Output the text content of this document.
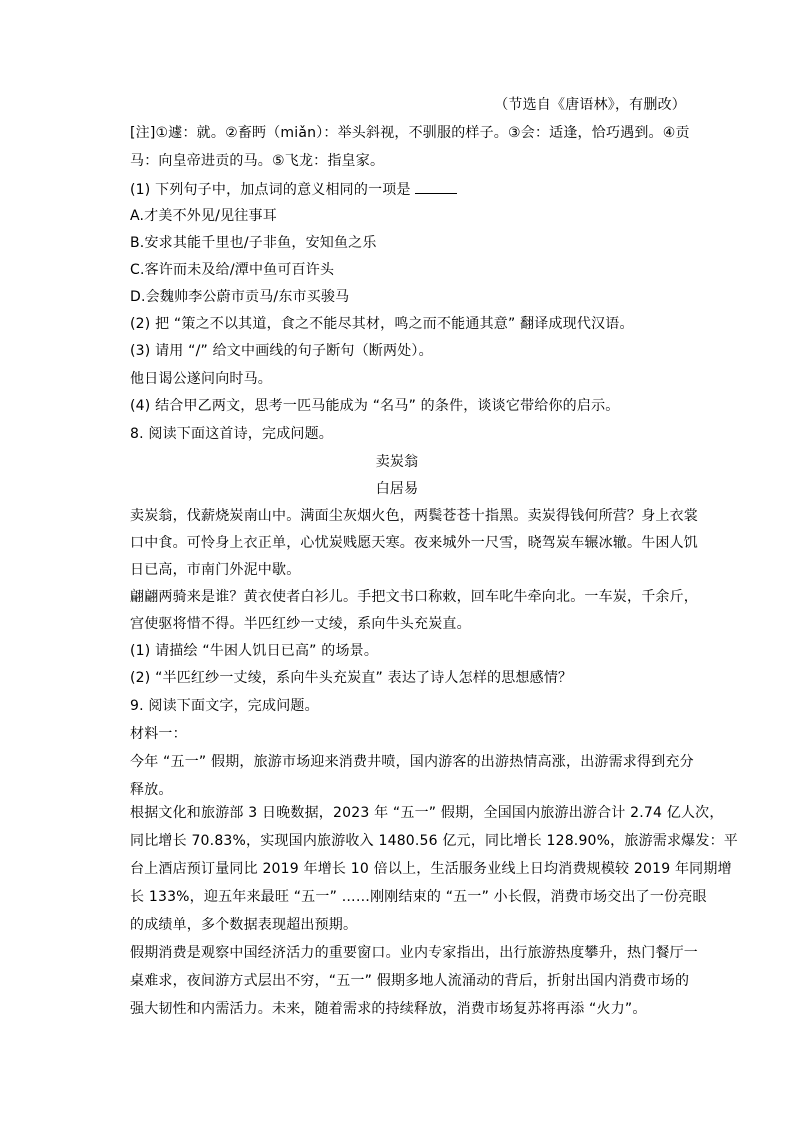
（节选自《唐语林》，有删改）
[注]①遽：就。②畜眄（miǎn）：举头斜视，不驯服的样子。③会：适逢，恰巧遇到。④贡
马：向皇帝进贡的马。⑤飞龙：指皇家。
(1) 下列句子中，加点词的意义相同的一项是
A.才美不外见/见往事耳
B.安求其能千里也/子非鱼，安知鱼之乐
C.客许而未及给/潭中鱼可百许头
D.会魏帅李公蔚市贡马/东市买骏马
(2) 把 “策之不以其道，食之不能尽其材，鸣之而不能通其意” 翻译成现代汉语。
(3) 请用 “/” 给文中画线的句子断句（断两处）。
他日谒公遂问向时马。
(4) 结合甲乙两文，思考一匹马能成为 “名马” 的条件，谈谈它带给你的启示。
8. 阅读下面这首诗，完成问题。
卖炭翁
白居易
卖炭翁，伐薪烧炭南山中。满面尘灰烟火色，两鬓苍苍十指黑。卖炭得钱何所营？身上衣裳
口中食。可怜身上衣正单，心忧炭贱愿天寒。夜来城外一尺雪，晓驾炭车辗冰辙。牛困人饥
日已高，市南门外泥中歇。
翩翩两骑来是谁？黄衣使者白衫儿。手把文书口称敕，回车叱牛牵向北。一车炭，千余斤，
宫使驱将惜不得。半匹红纱一丈绫，系向牛头充炭直。
(1) 请描绘 “牛困人饥日已高” 的场景。
(2) “半匹红纱一丈绫，系向牛头充炭直” 表达了诗人怎样的思想感情？
9. 阅读下面文字，完成问题。
材料一：
今年 “五一” 假期，旅游市场迎来消费井喷，国内游客的出游热情高涨，出游需求得到充分
释放。
根据文化和旅游部 3 日晚数据，2023 年 “五一” 假期，全国国内旅游出游合计 2.74 亿人次，
同比增长 70.83%，实现国内旅游收入 1480.56 亿元，同比增长 128.90%，旅游需求爆发：平
台上酒店预订量同比 2019 年增长 10 倍以上，生活服务业线上日均消费规模较 2019 年同期增
长 133%，迎五年来最旺 “五一” ……刚刚结束的 “五一” 小长假，消费市场交出了一份亮眼
的成绩单，多个数据表现超出预期。
假期消费是观察中国经济活力的重要窗口。业内专家指出，出行旅游热度攀升，热门餐厅一
桌难求，夜间游方式层出不穷，“五一” 假期多地人流涌动的背后，折射出国内消费市场的
强大韧性和内需活力。未来，随着需求的持续释放，消费市场复苏将再添 “火力”。
